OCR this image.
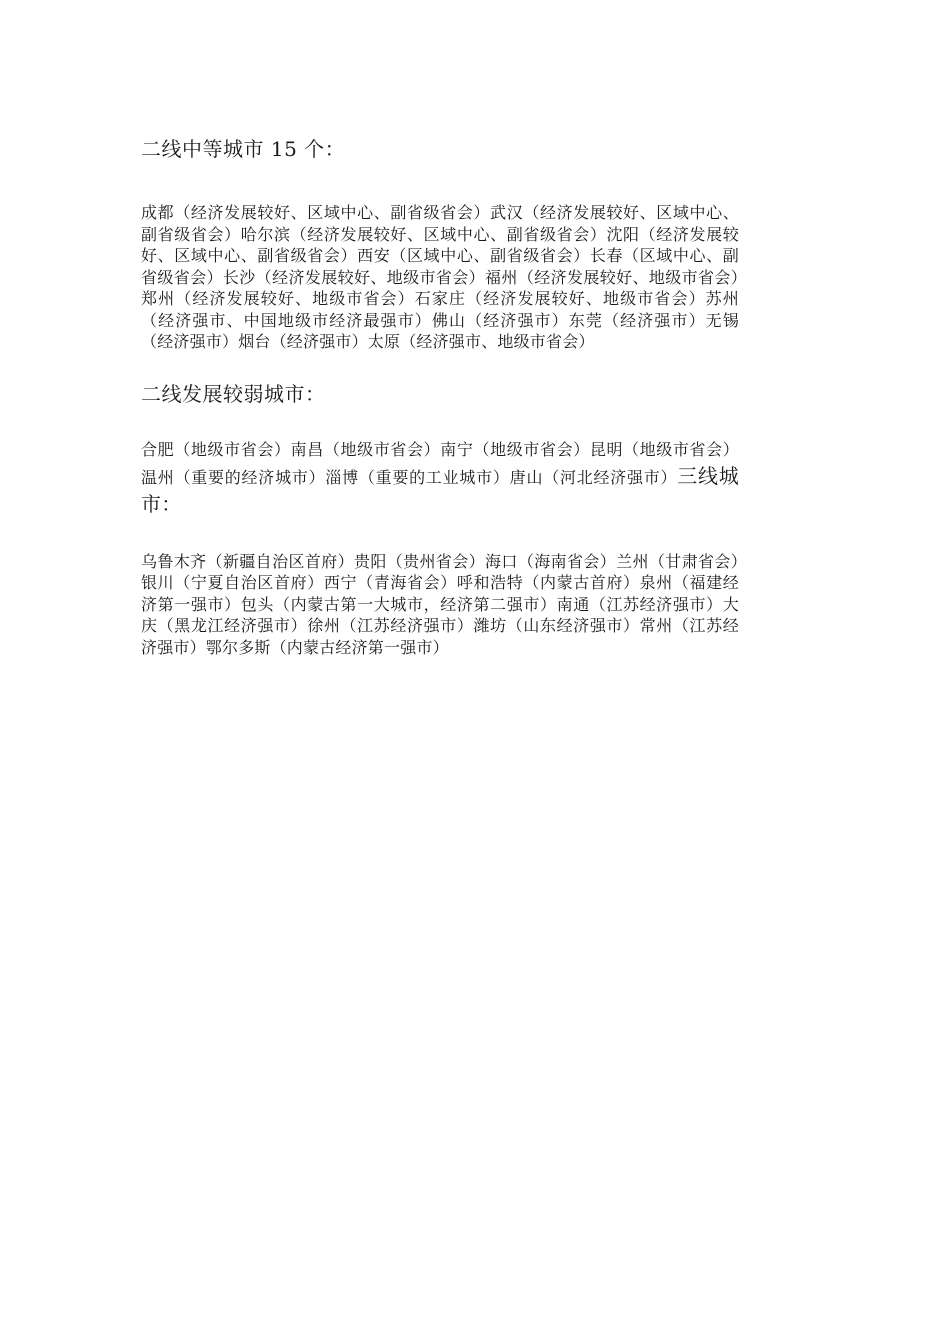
二线中等城市 15 个：

成都（经济发展较好、区域中心、副省级省会）武汉（经济发展较好、区域中心、副省级省会）哈尔滨（经济发展较好、区域中心、副省级省会）沈阳（经济发展较好、区域中心、副省级省会）西安（区域中心、副省级省会）长春（区域中心、副省级省会）长沙（经济发展较好、地级市省会）福州（经济发展较好、地级市省会）郑州（经济发展较好、地级市省会）石家庄（经济发展较好、地级市省会）苏州（经济强市、中国地级市经济最强市）佛山（经济强市）东莞（经济强市）无锡（经济强市）烟台（经济强市）太原（经济强市、地级市省会）

二线发展较弱城市：

合肥（地级市省会）南昌（地级市省会）南宁（地级市省会）昆明（地级市省会）温州（重要的经济城市）淄博（重要的工业城市）唐山（河北经济强市）三线城市：

乌鲁木齐（新疆自治区首府）贵阳（贵州省会）海口（海南省会）兰州（甘肃省会）银川（宁夏自治区首府）西宁（青海省会）呼和浩特（内蒙古首府）泉州（福建经济第一强市）包头（内蒙古第一大城市，经济第二强市）南通（江苏经济强市）大庆（黑龙江经济强市）徐州（江苏经济强市）潍坊（山东经济强市）常州（江苏经济强市）鄂尔多斯（内蒙古经济第一强市）
